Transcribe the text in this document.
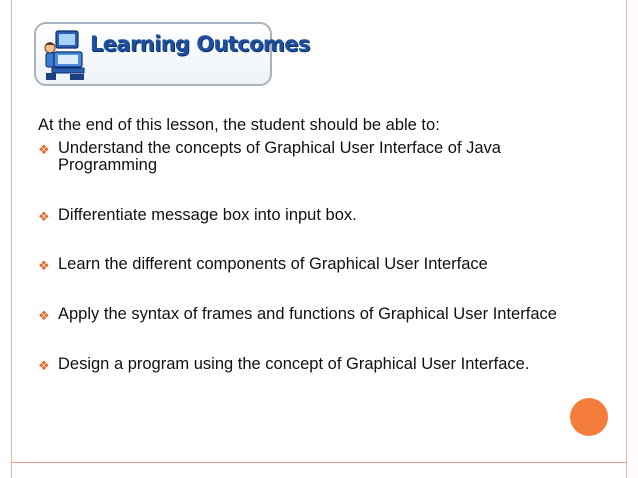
Learning Outcomes

At the end of this lesson, the student should be able to:

❖ Understand the concepts of Graphical User Interface of Java Programming
❖ Differentiate message box into input box.
❖ Learn the different components of Graphical User Interface
❖ Apply the syntax of frames and functions of Graphical User Interface
❖ Design a program using the concept of Graphical User Interface.
